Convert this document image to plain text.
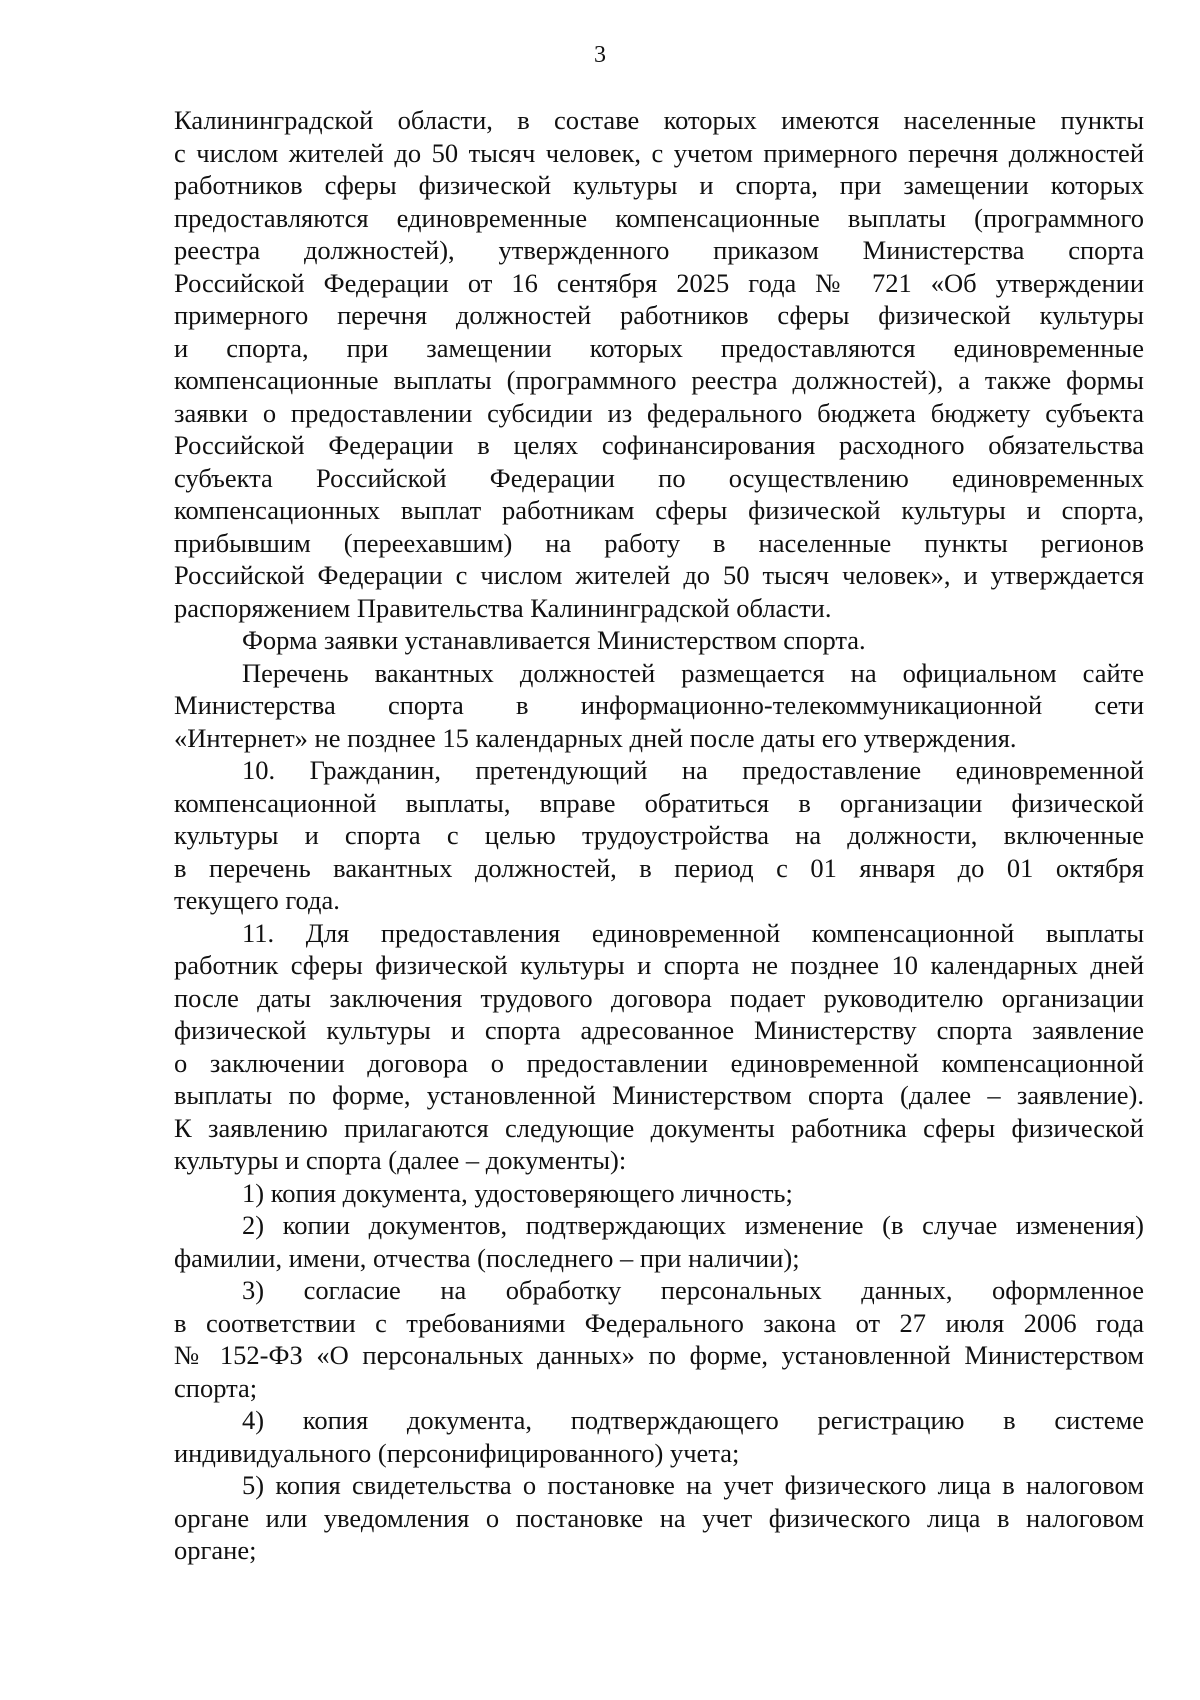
3
Калининградской области, в составе которых имеются населенные пункты
с числом жителей до 50 тысяч человек, с учетом примерного перечня должностей
работников сферы физической культуры и спорта, при замещении которых
предоставляются единовременные компенсационные выплаты (программного
реестра должностей), утвержденного приказом Министерства спорта
Российской Федерации от 16 сентября 2025 года № 721 «Об утверждении
примерного перечня должностей работников сферы физической культуры
и спорта, при замещении которых предоставляются единовременные
компенсационные выплаты (программного реестра должностей), а также формы
заявки о предоставлении субсидии из федерального бюджета бюджету субъекта
Российской Федерации в целях софинансирования расходного обязательства
субъекта Российской Федерации по осуществлению единовременных
компенсационных выплат работникам сферы физической культуры и спорта,
прибывшим (переехавшим) на работу в населенные пункты регионов
Российской Федерации с числом жителей до 50 тысяч человек», и утверждается
распоряжением Правительства Калининградской области.
Форма заявки устанавливается Министерством спорта.
Перечень вакантных должностей размещается на официальном сайте
Министерства спорта в информационно-телекоммуникационной сети
«Интернет» не позднее 15 календарных дней после даты его утверждения.
10. Гражданин, претендующий на предоставление единовременной
компенсационной выплаты, вправе обратиться в организации физической
культуры и спорта с целью трудоустройства на должности, включенные
в перечень вакантных должностей, в период с 01 января до 01 октября
текущего года.
11. Для предоставления единовременной компенсационной выплаты
работник сферы физической культуры и спорта не позднее 10 календарных дней
после даты заключения трудового договора подает руководителю организации
физической культуры и спорта адресованное Министерству спорта заявление
о заключении договора о предоставлении единовременной компенсационной
выплаты по форме, установленной Министерством спорта (далее – заявление).
К заявлению прилагаются следующие документы работника сферы физической
культуры и спорта (далее – документы):
1) копия документа, удостоверяющего личность;
2) копии документов, подтверждающих изменение (в случае изменения)
фамилии, имени, отчества (последнего – при наличии);
3) согласие на обработку персональных данных, оформленное
в соответствии с требованиями Федерального закона от 27 июля 2006 года
№ 152-ФЗ «О персональных данных» по форме, установленной Министерством
спорта;
4) копия документа, подтверждающего регистрацию в системе
индивидуального (персонифицированного) учета;
5) копия свидетельства о постановке на учет физического лица в налоговом
органе или уведомления о постановке на учет физического лица в налоговом
органе;
